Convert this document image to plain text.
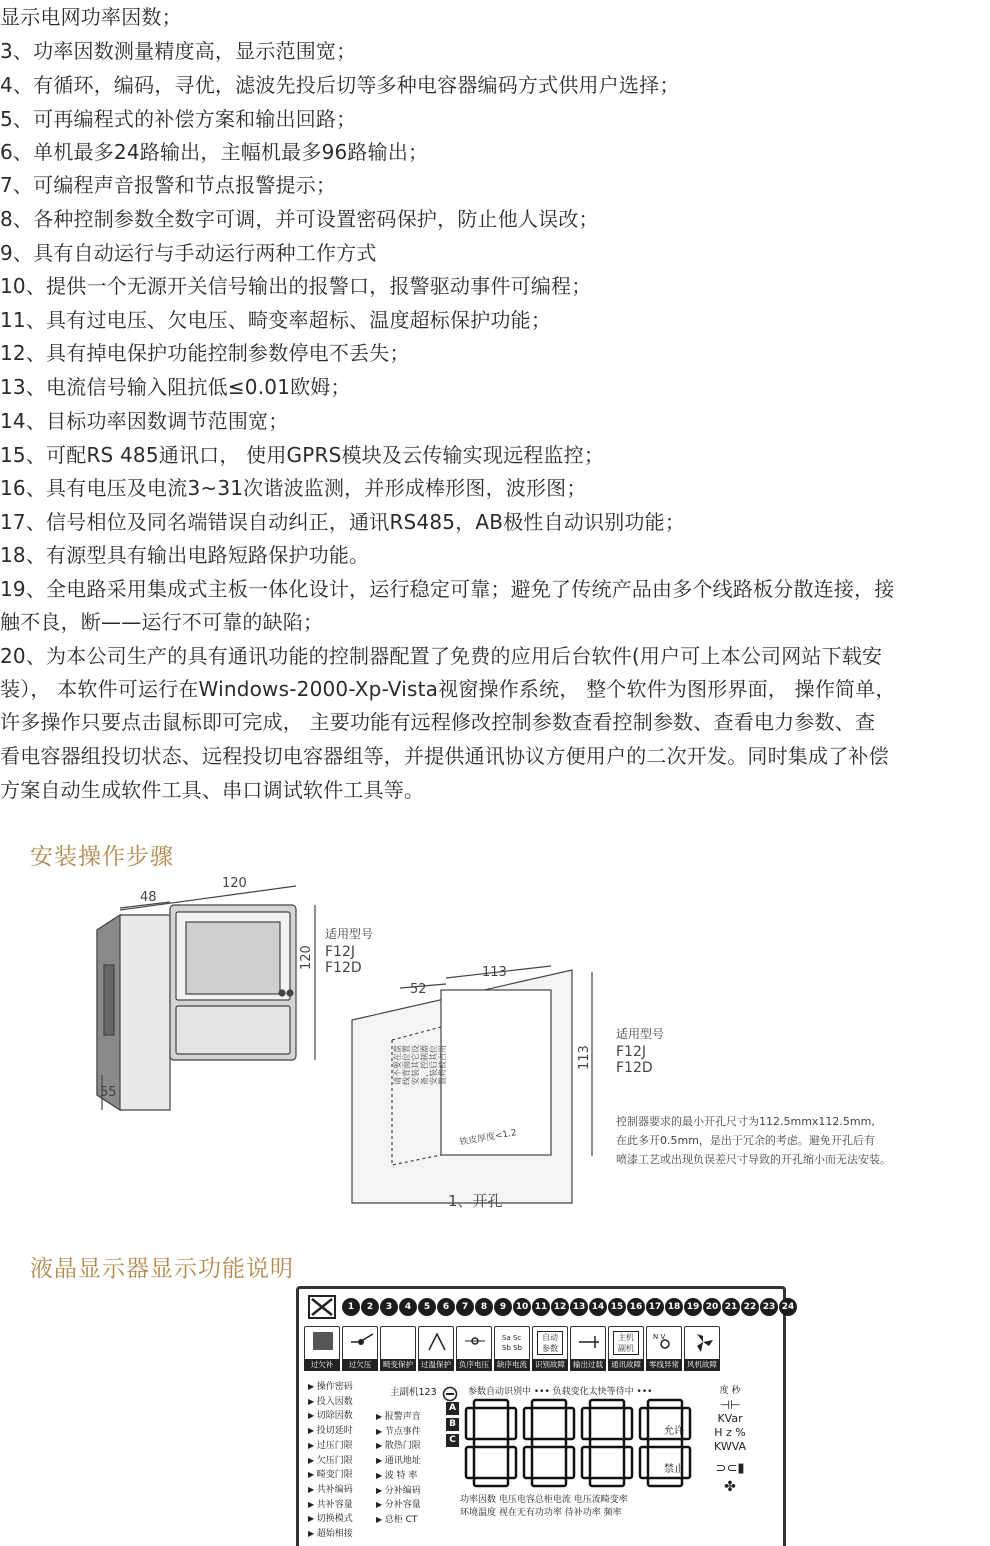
显示电网功率因数；
3、功率因数测量精度高，显示范围宽；
4、有循环，编码，寻优，滤波先投后切等多种电容器编码方式供用户选择；
5、可再编程式的补偿方案和输出回路；
6、单机最多24路输出，主幅机最多96路输出；
7、可编程声音报警和节点报警提示；
8、各种控制参数全数字可调，并可设置密码保护，防止他人误改；
9、具有自动运行与手动运行两种工作方式
10、提供一个无源开关信号输出的报警口，报警驱动事件可编程；
11、具有过电压、欠电压、畸变率超标、温度超标保护功能；
12、具有掉电保护功能控制参数停电不丢失；
13、电流信号输入阻抗低≤0.01欧姆；
14、目标功率因数调节范围宽；
15、可配RS 485通讯口， 使用GPRS模块及云传输实现远程监控；
16、具有电压及电流3~31次谐波监测，并形成棒形图，波形图；
17、信号相位及同名端错误自动纠正，通讯RS485，AB极性自动识别功能；
18、有源型具有输出电路短路保护功能。
19、全电路采用集成式主板一体化设计，运行稳定可靠；避免了传统产品由多个线路板分散连接，接
触不良，断——运行不可靠的缺陷；
20、为本公司生产的具有通讯功能的控制器配置了免费的应用后台软件(用户可上本公司网站下载安
装）， 本软件可运行在Windows-2000-Xp-Vista视窗操作系统， 整个软件为图形界面， 操作简单，
许多操作只要点击鼠标即可完成， 主要功能有远程修改控制参数查看控制参数、查看电力参数、查
看电容器组投切状态、远程投切电容器组等，并提供通讯协议方便用户的二次开发。同时集成了补偿
方案自动生成软件工具、串口调试软件工具等。
安装操作步骤
48
120
120
55
适用型号
F12J
F12D
52
113
113
请不要在盘 线背面位置 安装其它设 备，控制器 安装后其位 置将被占用
铁皮厚度<1.2
适用型号
F12J
F12D
控制器要求的最小开孔尺寸为112.5mmx112.5mm,
在此多开0.5mm，是出于冗余的考虑。避免开孔后有
喷漆工艺或出现负误差尺寸导致的开孔缩小而无法安装。
1、开孔
液晶显示器显示功能说明
1	2	3	4	5	6	7	8	9	10 11 12 13 14 15 16 17 18 19 20 21 22 23 24
过欠补	过欠压	畸变保护	过温保护	负序电压
Sa Sc
Sb Sb
缺序电流
自动
参数
识别故障	输出过载
主机
副机
通讯故障
N V
零线异常	风机故障
▶ 操作密码
▶ 投入因数
▶ 切除因数
▶ 投切延时
▶ 过压门限
▶ 欠压门限
▶ 畸变门限
▶ 共补编码
▶ 共补容量
▶ 切换模式
▶ 超始相接
▶ 报警声音
▶ 节点事件
▶ 散热门限
▶ 通讯地址
▶ 波 特 率
▶ 分补编码
▶ 分补容量
▶ 总柜 CT
主副机123	参数自动识别中 ••• 负载变化太快等待中 •••
A
B
C
允许
禁止
度 秒
⊣⊢
KVar
H z %
KWVA
⊃⊂▮
✤
功率因数 电压电容总柜电流 电压流畸变率
环境温度 视在无有功功率 待补功率 频率
